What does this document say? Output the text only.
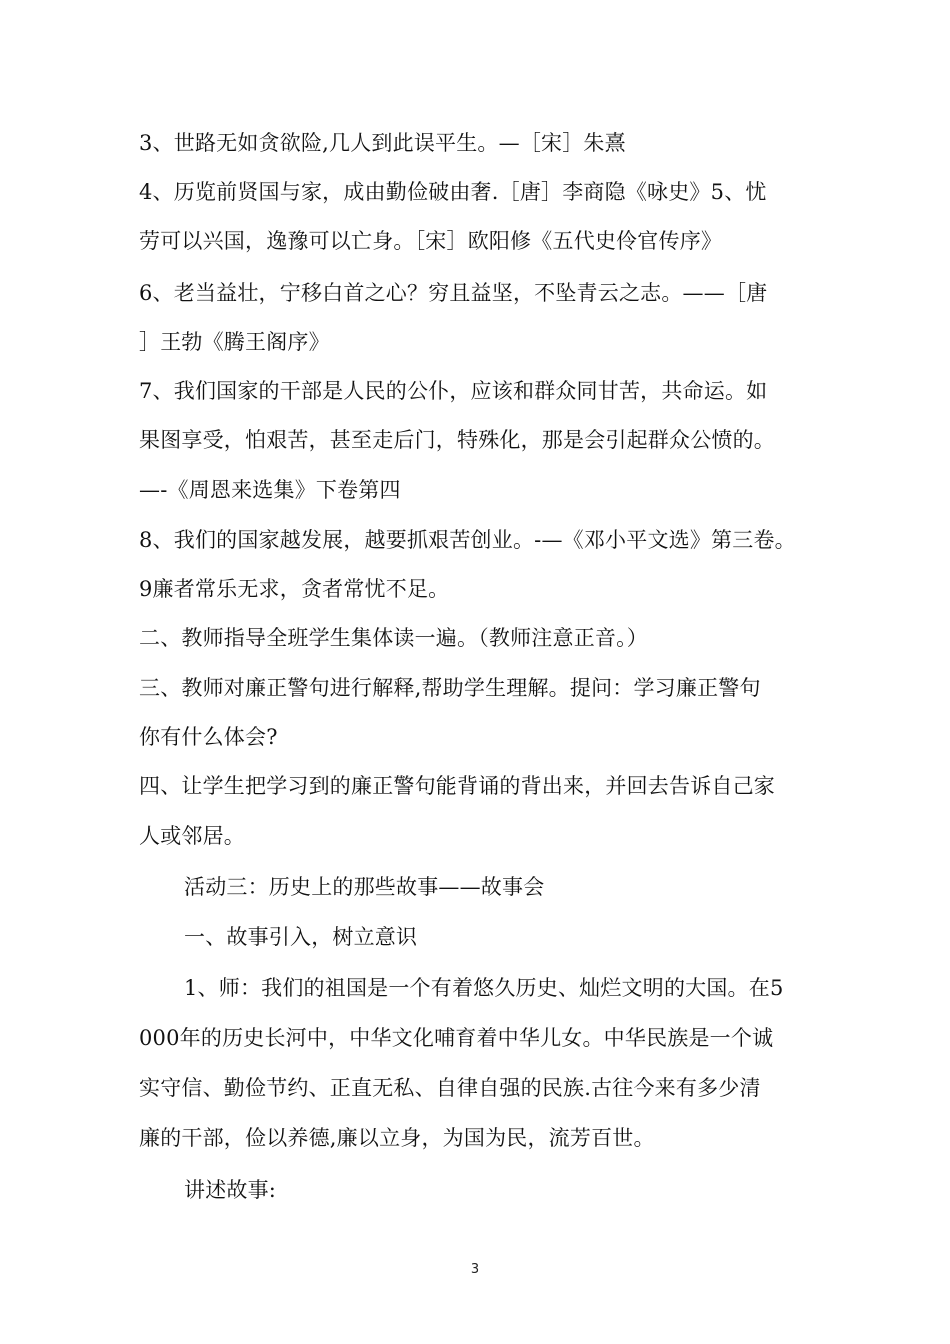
3、世路无如贪欲险,几人到此误平生。—［宋］朱熹
4、历览前贤国与家，成由勤俭破由奢.［唐］李商隐《咏史》5、忧
劳可以兴国，逸豫可以亡身。［宋］欧阳修《五代史伶官传序》
6、老当益壮，宁移白首之心？穷且益坚，不坠青云之志。——［唐
］王勃《腾王阁序》
7、我们国家的干部是人民的公仆，应该和群众同甘苦，共命运。如
果图享受，怕艰苦，甚至走后门，特殊化，那是会引起群众公愤的。
—-《周恩来选集》下卷第四
8、我们的国家越发展，越要抓艰苦创业。-—《邓小平文选》第三卷。
9廉者常乐无求，贪者常忧不足。
二、教师指导全班学生集体读一遍。（教师注意正音。）
三、教师对廉正警句进行解释,帮助学生理解。提问：学习廉正警句
你有什么体会?
四、让学生把学习到的廉正警句能背诵的背出来，并回去告诉自己家
人或邻居。
活动三：历史上的那些故事——故事会
一、故事引入，树立意识
1、师：我们的祖国是一个有着悠久历史、灿烂文明的大国。在5
000年的历史长河中，中华文化哺育着中华儿女。中华民族是一个诚
实守信、勤俭节约、正直无私、自律自强的民族.古往今来有多少清
廉的干部，俭以养德,廉以立身，为国为民，流芳百世。
讲述故事:
3
